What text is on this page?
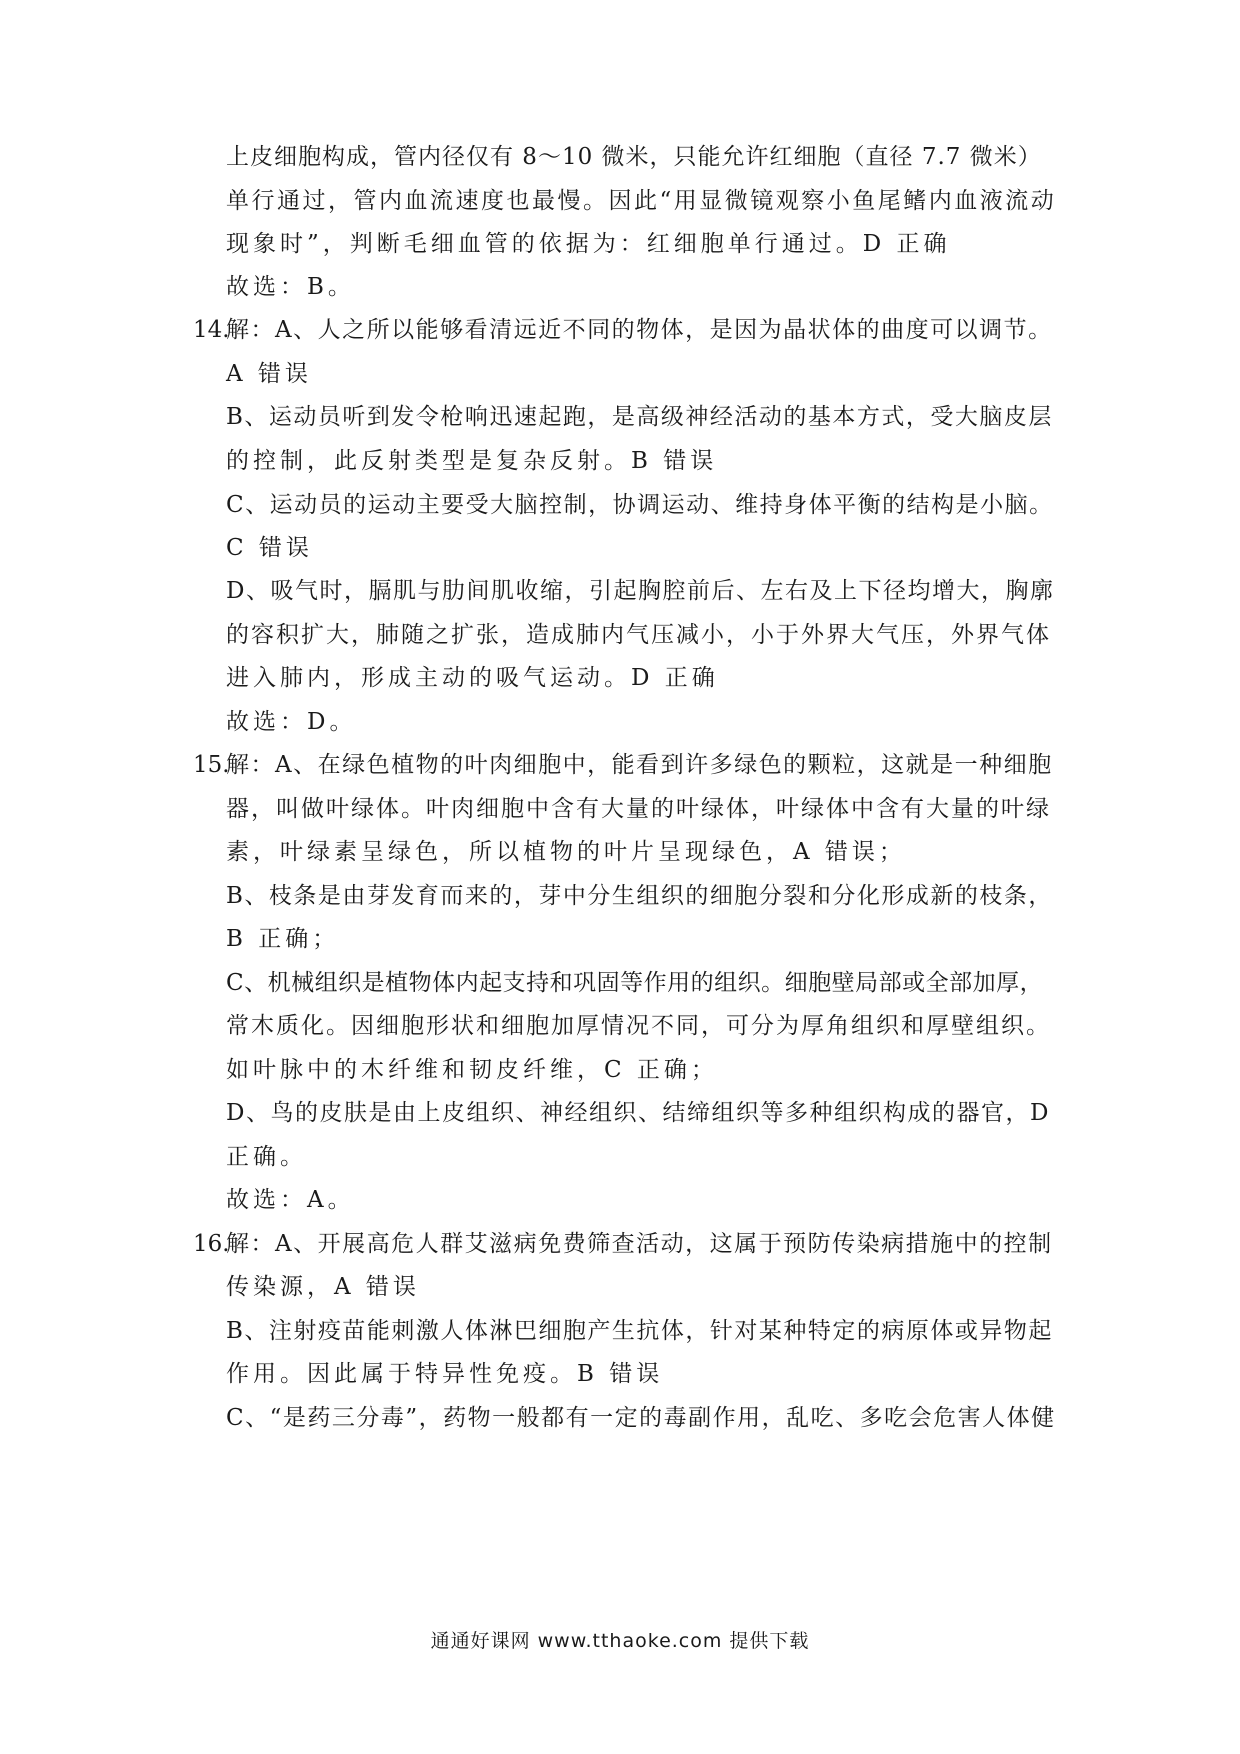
上皮细胞构成，管内径仅有 8～10 微米，只能允许红细胞（直径 7.7 微米）
单行通过，管内血流速度也最慢。因此“用显微镜观察小鱼尾鳍内血液流动
现象时”，判断毛细血管的依据为：红细胞单行通过。D 正确
故选：B。
14.
解：A、人之所以能够看清远近不同的物体，是因为晶状体的曲度可以调节。
A 错误
B、运动员听到发令枪响迅速起跑，是高级神经活动的基本方式，受大脑皮层
的控制，此反射类型是复杂反射。B 错误
C、运动员的运动主要受大脑控制，协调运动、维持身体平衡的结构是小脑。
C 错误
D、吸气时，膈肌与肋间肌收缩，引起胸腔前后、左右及上下径均增大，胸廓
的容积扩大，肺随之扩张，造成肺内气压减小，小于外界大气压，外界气体
进入肺内，形成主动的吸气运动。D 正确
故选：D。
15.
解：A、在绿色植物的叶肉细胞中，能看到许多绿色的颗粒，这就是一种细胞
器，叫做叶绿体。叶肉细胞中含有大量的叶绿体，叶绿体中含有大量的叶绿
素，叶绿素呈绿色，所以植物的叶片呈现绿色，A 错误；
B、枝条是由芽发育而来的，芽中分生组织的细胞分裂和分化形成新的枝条，
B 正确；
C、机械组织是植物体内起支持和巩固等作用的组织。细胞壁局部或全部加厚，
常木质化。因细胞形状和细胞加厚情况不同，可分为厚角组织和厚壁组织。
如叶脉中的木纤维和韧皮纤维，C 正确；
D、鸟的皮肤是由上皮组织、神经组织、结缔组织等多种组织构成的器官，D
正确。
故选：A。
16.
解：A、开展高危人群艾滋病免费筛查活动，这属于预防传染病措施中的控制
传染源，A 错误
B、注射疫苗能刺激人体淋巴细胞产生抗体，针对某种特定的病原体或异物起
作用。因此属于特异性免疫。B 错误
C、“是药三分毒”，药物一般都有一定的毒副作用，乱吃、多吃会危害人体健
通通好课网 www.tthaoke.com 提供下载
